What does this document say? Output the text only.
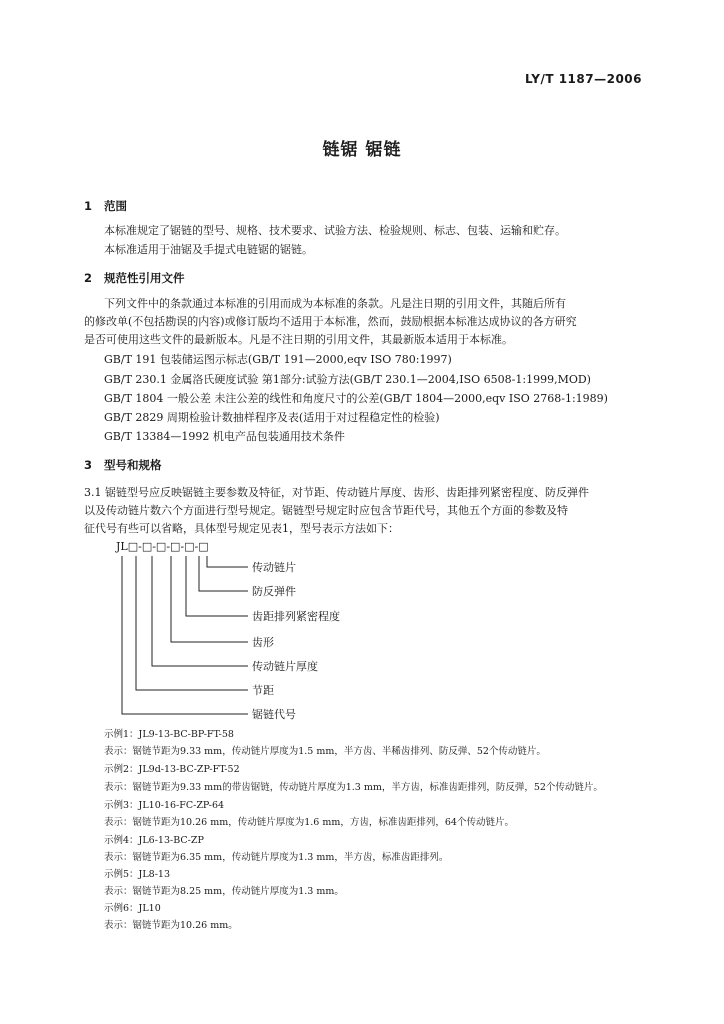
LY/T 1187—2006
链锯 锯链
1 范围
本标准规定了锯链的型号、规格、技术要求、试验方法、检验规则、标志、包装、运输和贮存。
本标准适用于油锯及手提式电链锯的锯链。
2 规范性引用文件
下列文件中的条款通过本标准的引用而成为本标准的条款。凡是注日期的引用文件，其随后所有
的修改单(不包括勘误的内容)或修订版均不适用于本标准，然而，鼓励根据本标准达成协议的各方研究
是否可使用这些文件的最新版本。凡是不注日期的引用文件，其最新版本适用于本标准。
GB/T 191 包装储运图示标志(GB/T 191—2000,eqv ISO 780:1997)
GB/T 230.1 金属洛氏硬度试验 第1部分:试验方法(GB/T 230.1—2004,ISO 6508-1:1999,MOD)
GB/T 1804 一般公差 未注公差的线性和角度尺寸的公差(GB/T 1804—2000,eqv ISO 2768-1:1989)
GB/T 2829 周期检验计数抽样程序及表(适用于对过程稳定性的检验)
GB/T 13384—1992 机电产品包装通用技术条件
3 型号和规格
3.1 锯链型号应反映锯链主要参数及特征，对节距、传动链片厚度、齿形、齿距排列紧密程度、防反弹件
以及传动链片数六个方面进行型号规定。锯链型号规定时应包含节距代号，其他五个方面的参数及特
征代号有些可以省略，具体型号规定见表1，型号表示方法如下：
JL□-□-□-□-□-□
传动链片
防反弹件
齿距排列紧密程度
齿形
传动链片厚度
节距
锯链代号
示例1：JL9-13-BC-BP-FT-58
表示：锯链节距为9.33 mm，传动链片厚度为1.5 mm，半方齿、半稀齿排列、防反弹、52个传动链片。
示例2：JL9d-13-BC-ZP-FT-52
表示：锯链节距为9.33 mm的带齿锯链，传动链片厚度为1.3 mm，半方齿，标准齿距排列，防反弹，52个传动链片。
示例3：JL10-16-FC-ZP-64
表示：锯链节距为10.26 mm，传动链片厚度为1.6 mm，方齿，标准齿距排列，64个传动链片。
示例4：JL6-13-BC-ZP
表示：锯链节距为6.35 mm，传动链片厚度为1.3 mm，半方齿，标准齿距排列。
示例5：JL8-13
表示：锯链节距为8.25 mm，传动链片厚度为1.3 mm。
示例6：JL10
表示：锯链节距为10.26 mm。
